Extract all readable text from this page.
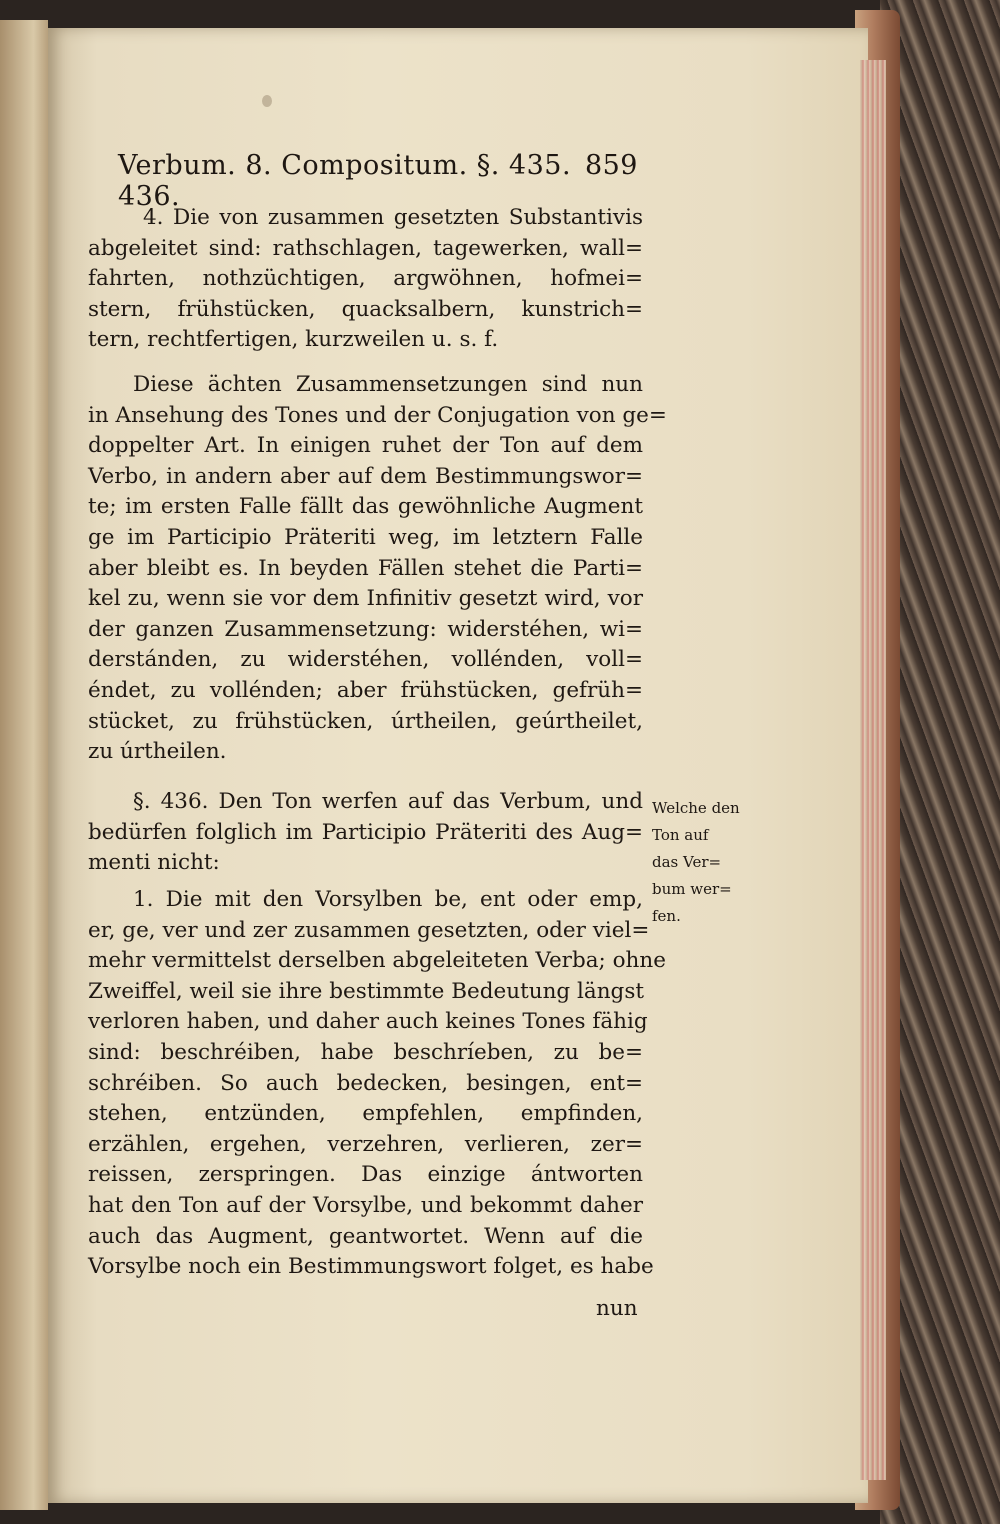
Verbum. 8. Compositum. §. 435. 436.
859
4. Die von zusammen gesetzten Substantivis
abgeleitet sind: rathschlagen, tagewerken, wall=
fahrten, nothzüchtigen, argwöhnen, hofmei=
stern, frühstücken, quacksalbern, kunstrich=
tern, rechtfertigen, kurzweilen u. s. f.
Diese ächten Zusammensetzungen sind nun
in Ansehung des Tones und der Conjugation von ge=
doppelter Art. In einigen ruhet der Ton auf dem
Verbo, in andern aber auf dem Bestimmungswor=
te; im ersten Falle fällt das gewöhnliche Augment
ge im Participio Präteriti weg, im letztern Falle
aber bleibt es. In beyden Fällen stehet die Parti=
kel zu, wenn sie vor dem Infinitiv gesetzt wird, vor
der ganzen Zusammensetzung: widerstéhen, wi=
derstánden, zu widerstéhen, vollénden, voll=
éndet, zu vollénden; aber frühstücken, gefrüh=
stücket, zu frühstücken, úrtheilen, geúrtheilet,
zu úrtheilen.
§. 436. Den Ton werfen auf das Verbum, und
bedürfen folglich im Participio Präteriti des Aug=
menti nicht:
1. Die mit den Vorsylben be, ent oder emp,
er, ge, ver und zer zusammen gesetzten, oder viel=
mehr vermittelst derselben abgeleiteten Verba; ohne
Zweiffel, weil sie ihre bestimmte Bedeutung längst
verloren haben, und daher auch keines Tones fähig
sind: beschréiben, habe beschríeben, zu be=
schréiben. So auch bedecken, besingen, ent=
stehen, entzünden, empfehlen, empfinden,
erzählen, ergehen, verzehren, verlieren, zer=
reissen, zerspringen. Das einzige ántworten
hat den Ton auf der Vorsylbe, und bekommt daher
auch das Augment, geantwortet. Wenn auf die
Vorsylbe noch ein Bestimmungswort folget, es habe
Welche den
Ton auf
das Ver=
bum wer=
fen.
nun
